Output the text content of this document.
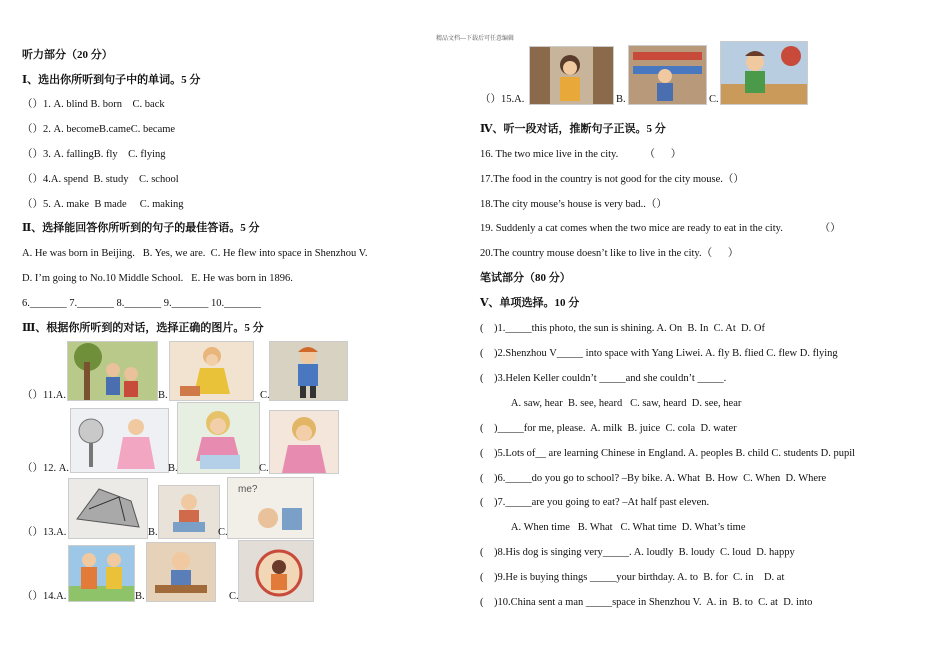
精品文档---下载后可任意编辑
听力部分（20 分）
Ⅰ、选出你所听到句子中的单词。5 分
（）1. A. blind B. born    C. back
（）2. A. becomeB.cameC. became
（）3. A. fallingB. fly    C. flying
（）4.A. spend  B. study    C. school
（）5. A. make  B made     C. making
Ⅱ、选择能回答你所听到的句子的最佳答语。5 分
A. He was born in Beijing.   B. Yes, we are.  C. He flew into space in Shenzhou V.
D. I’m going to No.10 Middle School.   E. He was born in 1896.
6._______ 7._______ 8._______ 9._______ 10._______
Ⅲ、根据你所听到的对话，选择正确的图片。5 分
（）11.A.	B.	C.
（）12. A.	B.	C.
（）13.A.	B.	C.
me?
（）14.A.	B.	C.
（）15.A.	B.	C.
Ⅳ、听一段对话，推断句子正误。5 分
16. The two mice live in the city.          （      ）
17.The food in the country is not good for the city mouse.（）
18.The city mouse’s house is very bad..（）
19. Suddenly a cat comes when the two mice are ready to eat in the city.              （）
20.The country mouse doesn’t like to live in the city.（      ）
笔试部分（80 分）
Ⅴ、单项选择。10 分
(    )1._____this photo, the sun is shining. A. On  B. In  C. At  D. Of
(    )2.Shenzhou V_____ into space with Yang Liwei. A. fly B. flied C. flew D. flying
(    )3.Helen Keller couldn’t _____and she couldn’t _____.
A. saw, hear  B. see, heard   C. saw, heard  D. see, hear
(    )_____for me, please.  A. milk  B. juice  C. cola  D. water
(    )5.Lots of__ are learning Chinese in England. A. peoples B. child C. students D. pupil
(    )6._____do you go to school? –By bike. A. What  B. How  C. When  D. Where
(    )7._____are you going to eat? –At half past eleven.
A. When time   B. What   C. What time  D. What’s time
(    )8.His dog is singing very_____. A. loudly  B. loudy  C. loud  D. happy
(    )9.He is buying things _____your birthday. A. to  B. for  C. in    D. at
(    )10.China sent a man _____space in Shenzhou V.  A. in  B. to  C. at  D. into
